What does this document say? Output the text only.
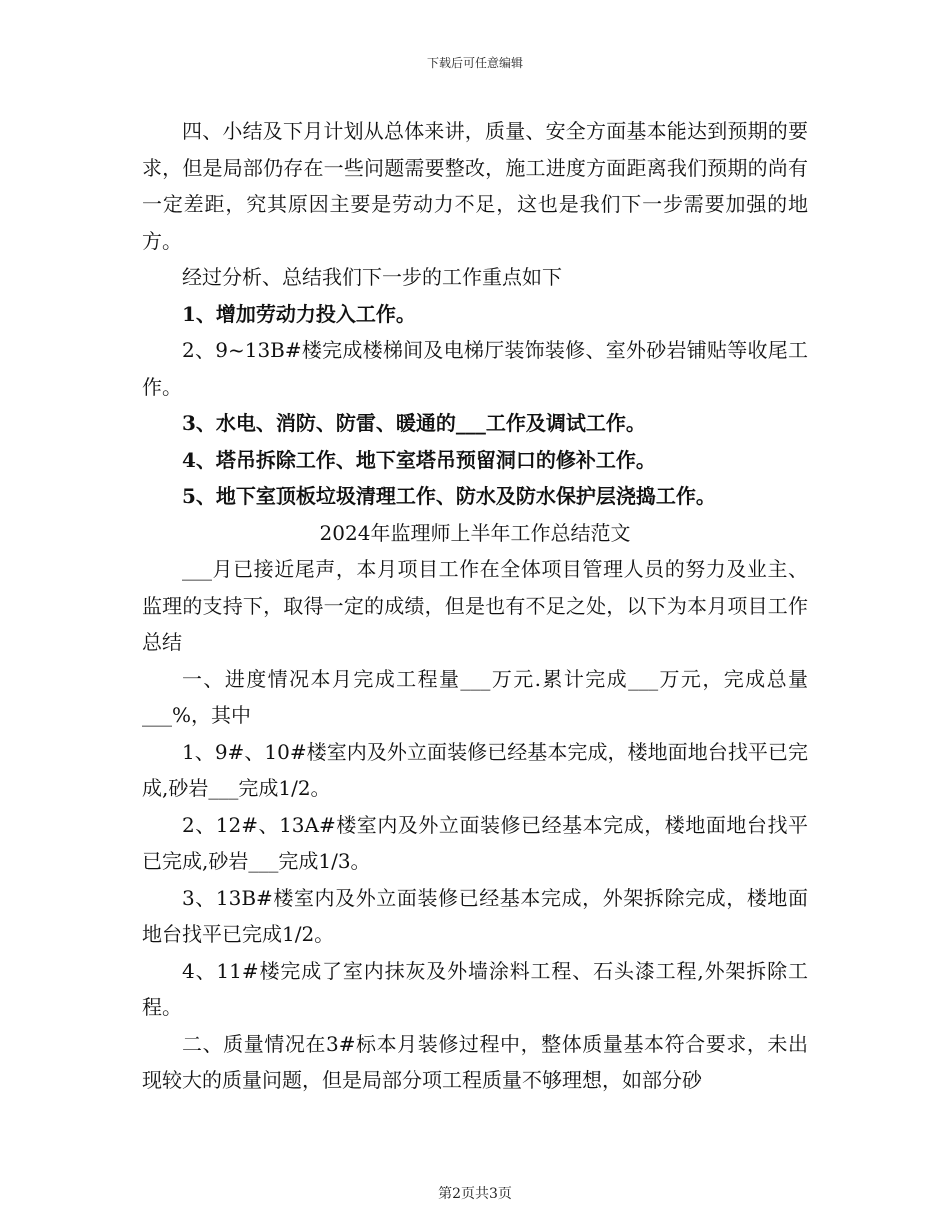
下载后可任意编辑

四、小结及下月计划从总体来讲，质量、安全方面基本能达到预期的要求，但是局部仍存在一些问题需要整改，施工进度方面距离我们预期的尚有一定差距，究其原因主要是劳动力不足，这也是我们下一步需要加强的地方。

经过分析、总结我们下一步的工作重点如下

1、增加劳动力投入工作。

2、9~13B#楼完成楼梯间及电梯厅装饰装修、室外砂岩铺贴等收尾工作。

3、水电、消防、防雷、暖通的___工作及调试工作。

4、塔吊拆除工作、地下室塔吊预留洞口的修补工作。

5、地下室顶板垃圾清理工作、防水及防水保护层浇捣工作。

2024年监理师上半年工作总结范文

___月已接近尾声，本月项目工作在全体项目管理人员的努力及业主、监理的支持下，取得一定的成绩，但是也有不足之处，以下为本月项目工作总结

一、进度情况本月完成工程量___万元.累计完成___万元，完成总量___%，其中

1、9#、10#楼室内及外立面装修已经基本完成，楼地面地台找平已完成,砂岩___完成1/2。

2、12#、13A#楼室内及外立面装修已经基本完成，楼地面地台找平已完成,砂岩___完成1/3。

3、13B#楼室内及外立面装修已经基本完成，外架拆除完成，楼地面地台找平已完成1/2。

4、11#楼完成了室内抹灰及外墙涂料工程、石头漆工程,外架拆除工程。

二、质量情况在3#标本月装修过程中，整体质量基本符合要求，未出现较大的质量问题，但是局部分项工程质量不够理想，如部分砂

第2页共3页
